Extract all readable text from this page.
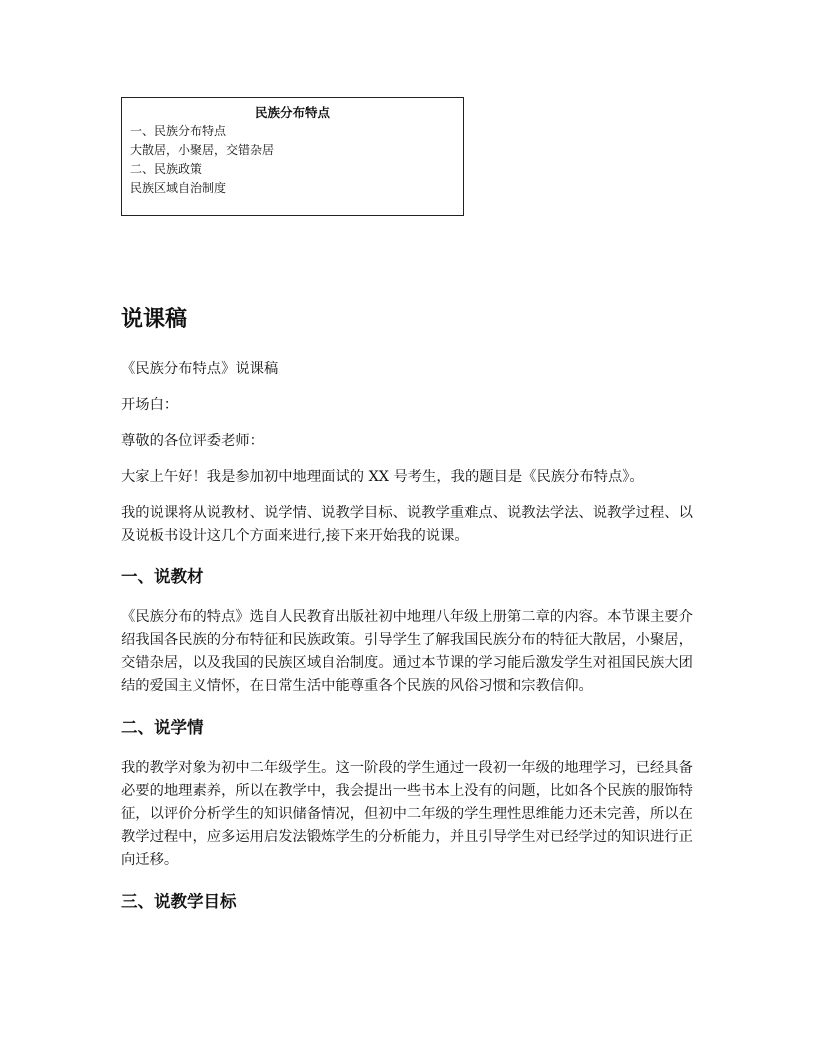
民族分布特点
一、民族分布特点
大散居，小聚居，交错杂居
二、民族政策
民族区域自治制度
说课稿

《民族分布特点》说课稿

开场白：

尊敬的各位评委老师：

大家上午好！我是参加初中地理面试的 XX 号考生，我的题目是《民族分布特点》。

我的说课将从说教材、说学情、说教学目标、说教学重难点、说教法学法、说教学过程、以及说板书设计这几个方面来进行,接下来开始我的说课。

一、说教材

《民族分布的特点》选自人民教育出版社初中地理八年级上册第二章的内容。本节课主要介绍我国各民族的分布特征和民族政策。引导学生了解我国民族分布的特征大散居，小聚居，交错杂居，以及我国的民族区域自治制度。通过本节课的学习能后激发学生对祖国民族大团结的爱国主义情怀，在日常生活中能尊重各个民族的风俗习惯和宗教信仰。

二、说学情

我的教学对象为初中二年级学生。这一阶段的学生通过一段初一年级的地理学习，已经具备必要的地理素养，所以在教学中，我会提出一些书本上没有的问题，比如各个民族的服饰特征，以评价分析学生的知识储备情况，但初中二年级的学生理性思维能力还未完善，所以在教学过程中，应多运用启发法锻炼学生的分析能力，并且引导学生对已经学过的知识进行正向迁移。

三、说教学目标
